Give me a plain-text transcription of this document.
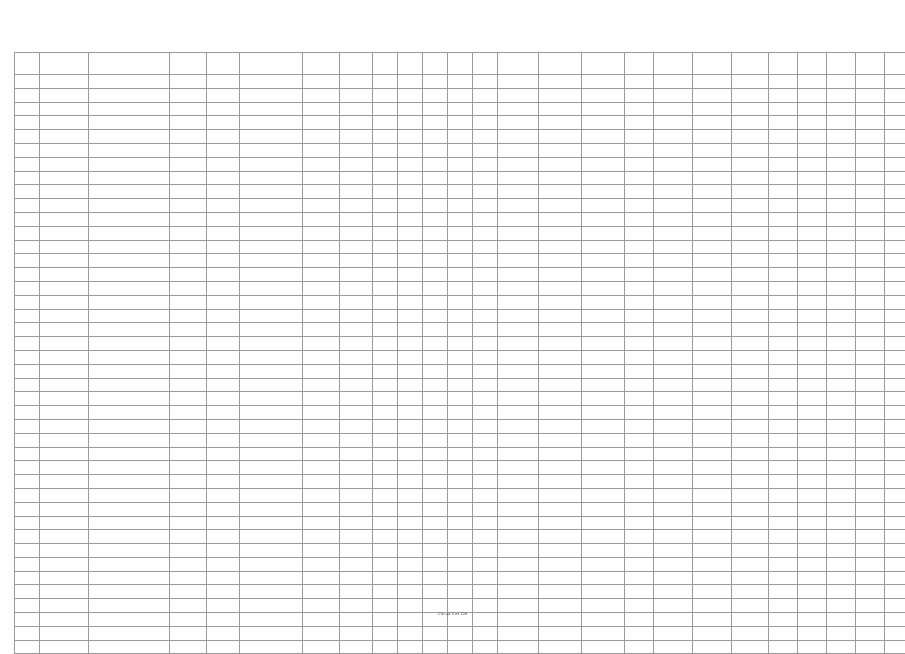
Стр-ца 4 из 128
